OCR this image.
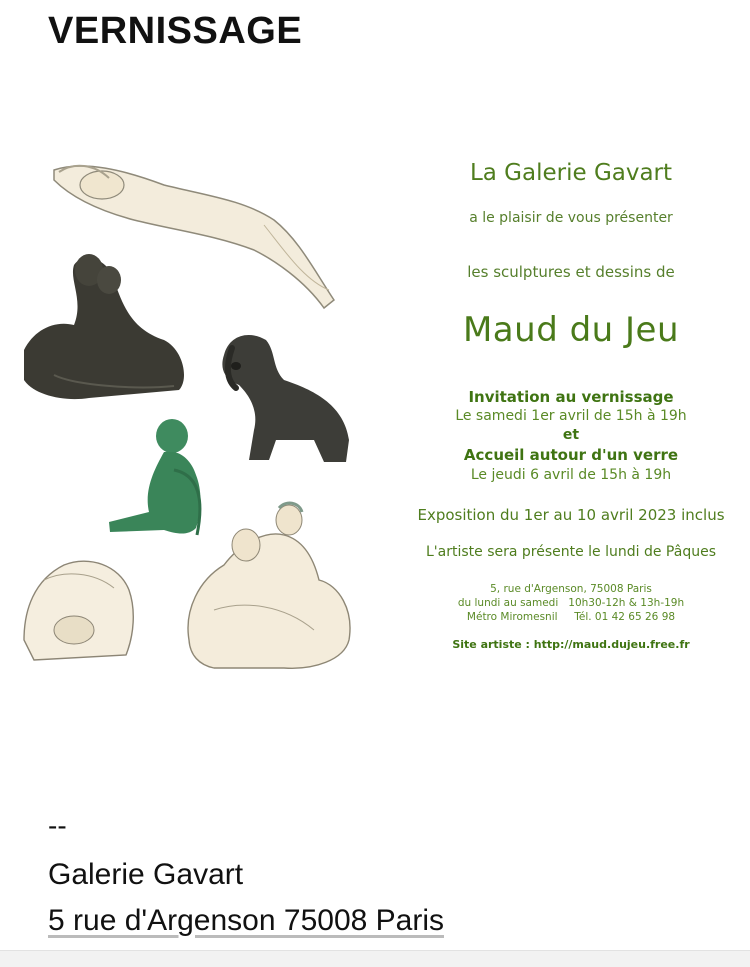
VERNISSAGE
La Galerie Gavart
a le plaisir de vous présenter
les sculptures et dessins de
Maud du Jeu
Invitation au vernissage
Le samedi 1er avril de 15h à 19h
et
Accueil autour d'un verre
Le jeudi 6 avril de 15h à 19h
Exposition du 1er au 10 avril 2023 inclus
L'artiste sera présente le lundi de Pâques
5, rue d'Argenson, 75008 Paris
du lundi au samedi   10h30-12h & 13h-19h
Métro Miromesnil     Tél. 01 42 65 26 98
Site artiste : http://maud.dujeu.free.fr
--
Galerie Gavart
5 rue d'Argenson 75008 Paris
